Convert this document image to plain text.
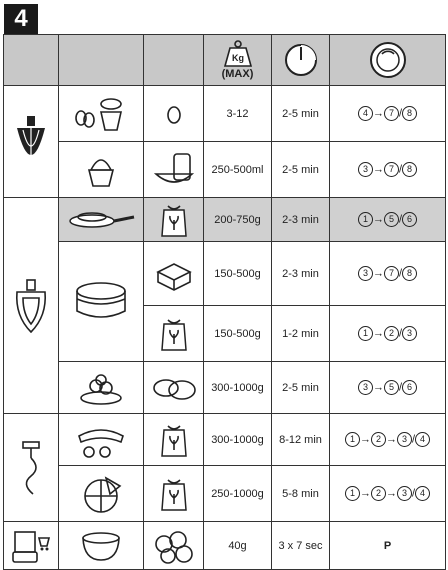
4

Kg
(MAX)

	3-12	2-5 min	4 → 7 / 8

	250-500ml	2-5 min	3 → 7 / 8

	200-750g	2-3 min	1 → 5 / 6

	150-500g	2-3 min	3 → 7 / 8

	150-500g	1-2 min	1 → 2 / 3

	300-1000g	2-5 min	3 → 5 / 6

	300-1000g	8-12 min	1 → 2 → 3 / 4

	250-1000g	5-8 min	1 → 2 → 3 / 4

	40g	3 x 7 sec	P
